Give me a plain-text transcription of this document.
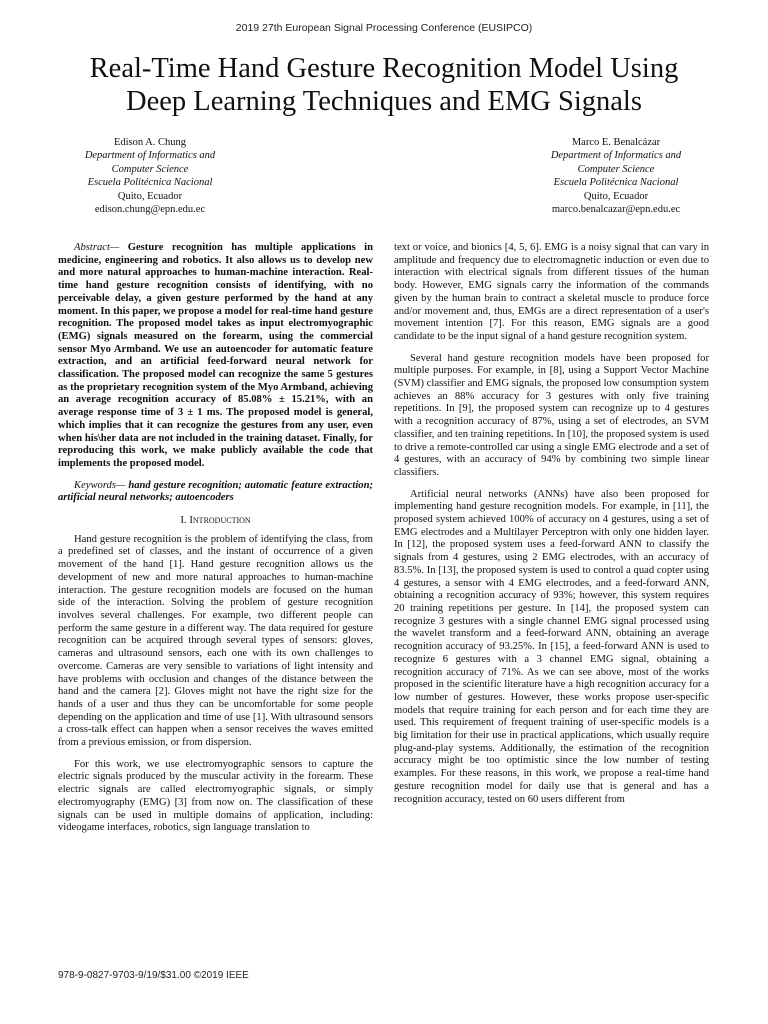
2019 27th European Signal Processing Conference (EUSIPCO)
Real-Time Hand Gesture Recognition Model Using
Deep Learning Techniques and EMG Signals
Edison A. Chung
Department of Informatics and
Computer Science
Escuela Politécnica Nacional
Quito, Ecuador
edison.chung@epn.edu.ec
Marco E. Benalcázar
Department of Informatics and
Computer Science
Escuela Politécnica Nacional
Quito, Ecuador
marco.benalcazar@epn.edu.ec

Abstract— Gesture recognition has multiple applications in medicine, engineering and robotics. It also allows us to develop new and more natural approaches to human-machine interaction. Real-time hand gesture recognition consists of identifying, with no perceivable delay, a given gesture performed by the hand at any moment. In this paper, we propose a model for real-time hand gesture recognition. The proposed model takes as input electromyographic (EMG) signals measured on the forearm, using the commercial sensor Myo Armband. We use an autoencoder for automatic feature extraction, and an artificial feed-forward neural network for classification. The proposed model can recognize the same 5 gestures as the proprietary recognition system of the Myo Armband, achieving an average recognition accuracy of 85.08% ± 15.21%, with an average response time of 3 ± 1 ms. The proposed model is general, which implies that it can recognize the gestures from any user, even when his\her data are not included in the training dataset. Finally, for reproducing this work, we make publicly available the code that implements the proposed model.

Keywords— hand gesture recognition; automatic feature extraction; artificial neural networks; autoencoders

I. Introduction

Hand gesture recognition is the problem of identifying the class, from a predefined set of classes, and the instant of occurrence of a given movement of the hand [1]. Hand gesture recognition allows us the development of new and more natural approaches to human-machine interaction. The gesture recognition models are focused on the human side of the interaction. Solving the problem of gesture recognition involves several challenges. For example, two different people can perform the same gesture in a different way. The data required for gesture recognition can be acquired through several types of sensors: gloves, cameras and ultrasound sensors, each one with its own challenges to overcome. Cameras are very sensible to variations of light intensity and have problems with occlusion and changes of the distance between the hand and the camera [2]. Gloves might not have the right size for the hands of a user and thus they can be uncomfortable for some people depending on the application and time of use [1]. With ultrasound sensors a cross-talk effect can happen when a sensor receives the waves emitted from a previous emission, or from dispersion.

For this work, we use electromyographic sensors to capture the electric signals produced by the muscular activity in the forearm. These electric signals are called electromyographic signals, or simply electromyography (EMG) [3] from now on. The classification of these signals can be used in multiple domains of application, including: videogame interfaces, robotics, sign language translation to

text or voice, and bionics [4, 5, 6]. EMG is a noisy signal that can vary in amplitude and frequency due to electromagnetic induction or even due to interaction with electrical signals from different tissues of the human body. However, EMG signals carry the information of the commands given by the human brain to contract a skeletal muscle to produce force and/or movement and, thus, EMGs are a direct representation of a user's movement intention [7]. For this reason, EMG signals are a good candidate to be the input signal of a hand gesture recognition system.

Several hand gesture recognition models have been proposed for multiple purposes. For example, in [8], using a Support Vector Machine (SVM) classifier and EMG signals, the proposed low consumption system achieves an 88% accuracy for 3 gestures with only five training repetitions. In [9], the proposed system can recognize up to 4 gestures with a recognition accuracy of 87%, using a set of electrodes, an SVM classifier, and ten training repetitions. In [10], the proposed system is used to drive a remote-controlled car using a single EMG electrode and a set of 4 gestures, with an accuracy of 94% by combining two simple linear classifiers.

Artificial neural networks (ANNs) have also been proposed for implementing hand gesture recognition models. For example, in [11], the proposed system achieved 100% of accuracy on 4 gestures, using a set of EMG electrodes and a Multilayer Perceptron with only one hidden layer. In [12], the proposed system uses a feed-forward ANN to classify the signals from 4 gestures, using 2 EMG electrodes, with an accuracy of 83.5%. In [13], the proposed system is used to control a quad copter using 4 gestures, a sensor with 4 EMG electrodes, and a feed-forward ANN, obtaining a recognition accuracy of 93%; however, this system requires 20 training repetitions per gesture. In [14], the proposed system can recognize 3 gestures with a single channel EMG signal processed using the wavelet transform and a feed-forward ANN, obtaining an average recognition accuracy of 93.25%. In [15], a feed-forward ANN is used to recognize 6 gestures with a 3 channel EMG signal, obtaining a recognition accuracy of 71%. As we can see above, most of the works proposed in the scientific literature have a high recognition accuracy for a low number of gestures. However, these works propose user-specific models that require training for each person and for each time they are used. This requirement of frequent training of user-specific models is a big limitation for their use in practical applications, which usually require plug-and-play systems. Additionally, the estimation of the recognition accuracy might be too optimistic since the low number of testing examples. For these reasons, in this work, we propose a real-time hand gesture recognition model for daily use that is general and has a recognition accuracy, tested on 60 users different from

978-9-0827-9703-9/19/$31.00 ©2019 IEEE
